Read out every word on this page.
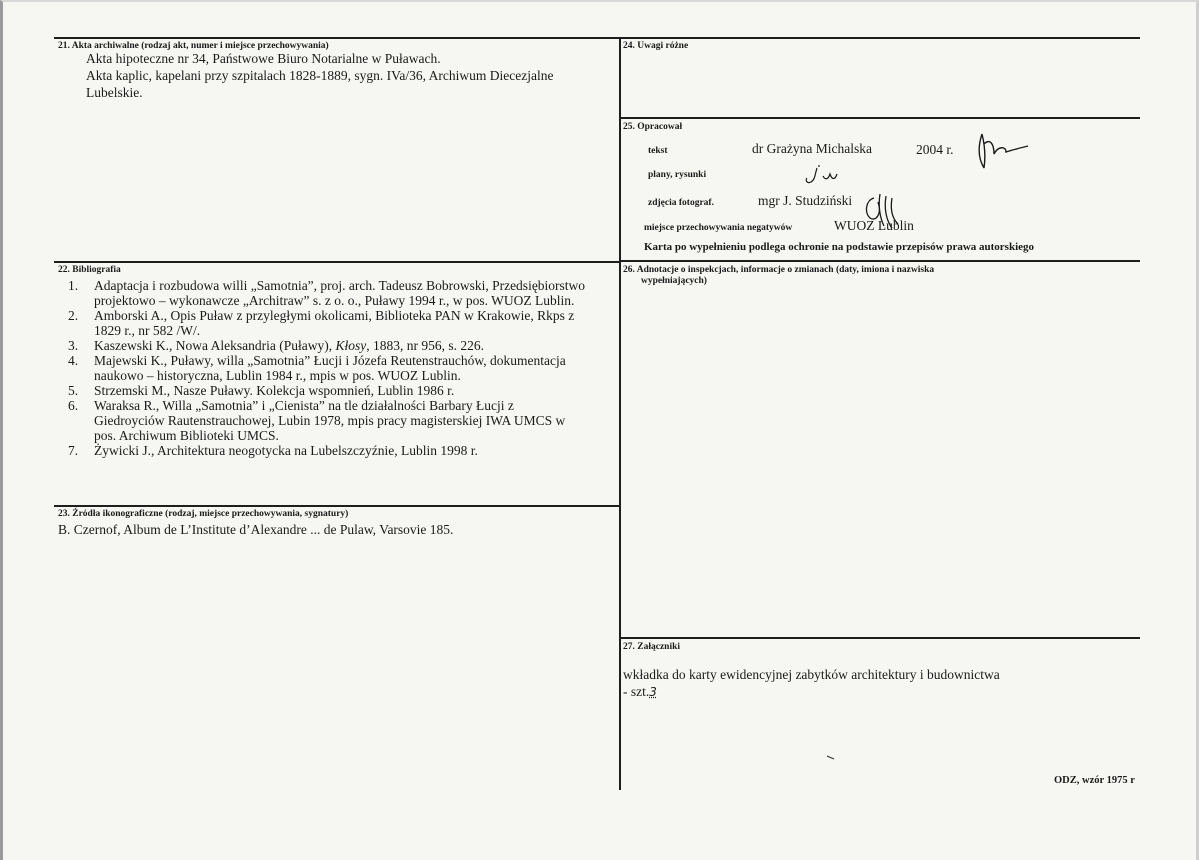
21. Akta archiwalne (rodzaj akt, numer i miejsce przechowywania)
Akta hipoteczne nr 34, Państwowe Biuro Notarialne w Puławach.
Akta kaplic, kapelani przy szpitalach 1828-1889, sygn. IVa/36, Archiwum Diecezjalne
Lubelskie.
22. Bibliografia
1. Adaptacja i rozbudowa willi „Samotnia”, proj. arch. Tadeusz Bobrowski, Przedsiębiorstwo
projektowo – wykonawcze „Architraw” s. z o. o., Puławy 1994 r., w pos. WUOZ Lublin.
2. Amborski A., Opis Puław z przyległymi okolicami, Biblioteka PAN w Krakowie, Rkps z
1829 r., nr 582 /W/.
3. Kaszewski K., Nowa Aleksandria (Puławy), Kłosy, 1883, nr 956, s. 226.
4. Majewski K., Puławy, willa „Samotnia” Łucji i Józefa Reutenstrauchów, dokumentacja
naukowo – historyczna, Lublin 1984 r., mpis w pos. WUOZ Lublin.
5. Strzemski M., Nasze Puławy. Kolekcja wspomnień, Lublin 1986 r.
6. Waraksa R., Willa „Samotnia” i „Cienista” na tle działalności Barbary Łucji z
Giedroyciów Rautenstrauchowej, Lubin 1978, mpis pracy magisterskiej IWA UMCS w
pos. Archiwum Biblioteki UMCS.
7. Żywicki J., Architektura neogotycka na Lubelszczyźnie, Lublin 1998 r.
23. Źródła ikonograficzne (rodzaj, miejsce przechowywania, sygnatury)
B. Czernof, Album de L’Institute d’Alexandre ... de Pulaw, Varsovie 185.
24. Uwagi różne
25. Opracował
tekst	dr Grażyna Michalska	2004 r.
plany, rysunki
zdjęcia fotograf.	mgr J. Studziński
miejsce przechowywania negatywów	WUOZ Lublin
Karta po wypełnieniu podlega ochronie na podstawie przepisów prawa autorskiego
26. Adnotacje o inspekcjach, informacje o zmianach (daty, imiona i nazwiska
wypełniających)
27. Załączniki
wkładka do karty ewidencyjnej zabytków architektury i budownictwa
- szt.3
ODZ, wzór 1975 r
